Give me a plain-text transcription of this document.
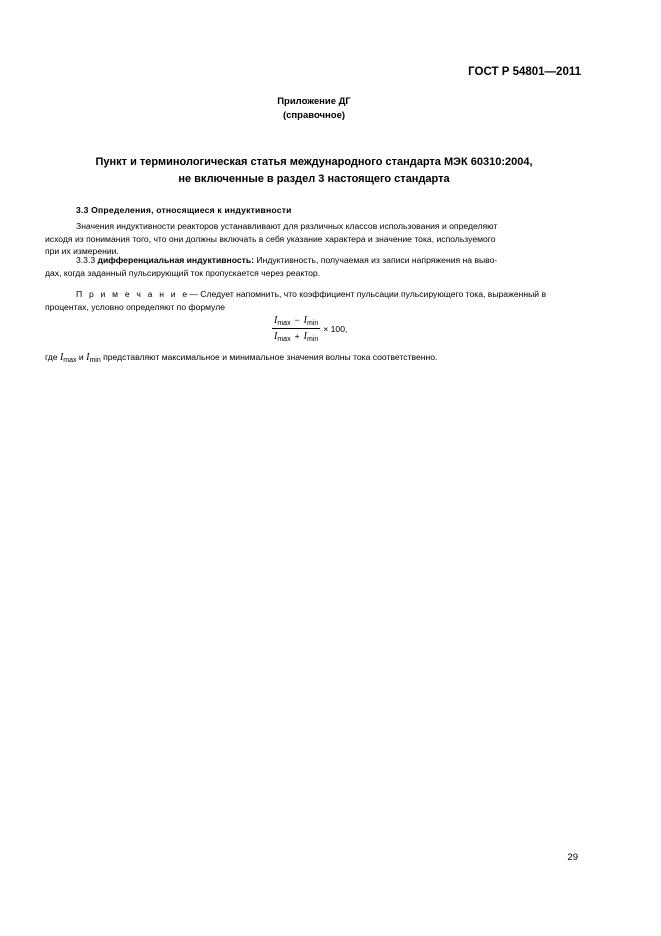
ГОСТ Р 54801—2011
Приложение ДГ
(справочное)
Пункт и терминологическая статья международного стандарта МЭК 60310:2004,
не включенные в раздел 3 настоящего стандарта
3.3 Определения, относящиеся к индуктивности
Значения индуктивности реакторов устанавливают для различных классов использования и определяют
исходя из понимания того, что они должны включать в себя указание характера и значение тока, используемого
при их измерении.
3.3.3 дифференциальная индуктивность: Индуктивность, получаемая из записи напряжения на выво-
дах, когда заданный пульсирующий ток пропускается через реактор.
П р и м е ч а н и е— Следует напомнить, что коэффициент пульсации пульсирующего тока, выраженный в
процентах, условно определяют по формуле
$\frac{I_{max} - I_{min}}{I_{max} + I_{min}} \times 100$,
где $I_{max}$ и $I_{min}$ представляют максимальное и минимальное значения волны тока соответственно.
29
